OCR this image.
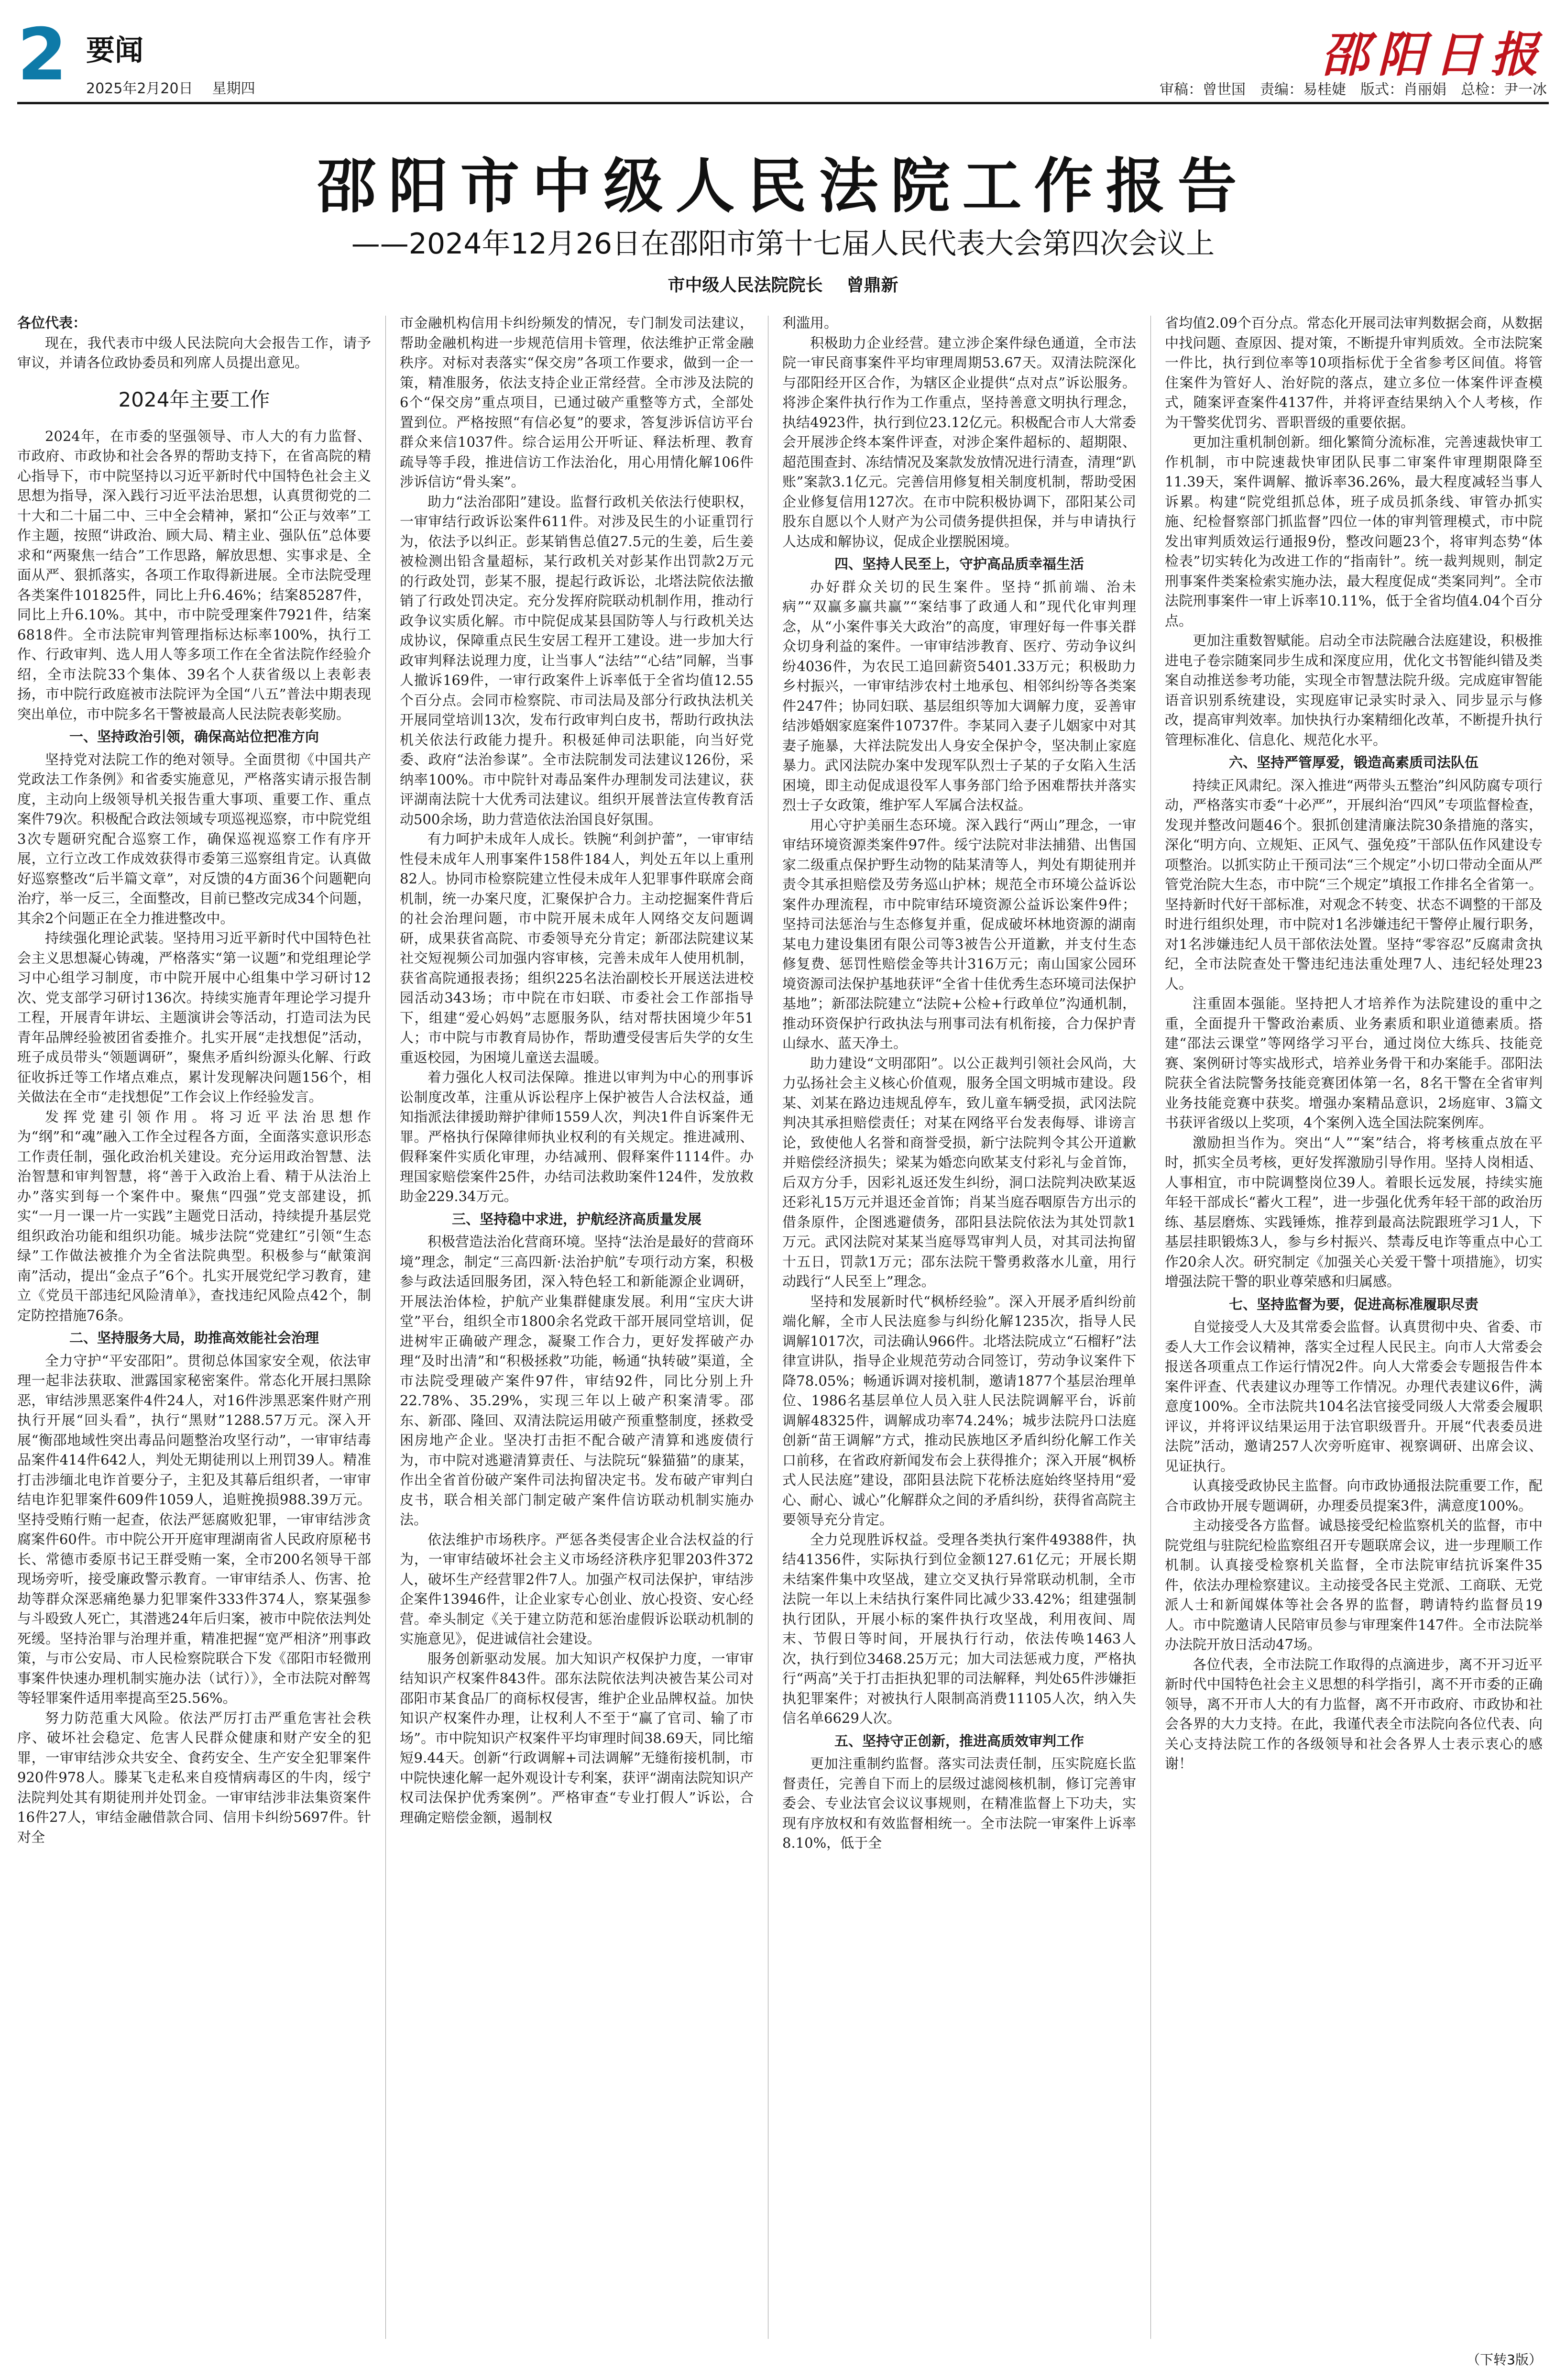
2 要闻
2025年2月20日 星期四
邵阳日报
审稿：曾世国　责编：易桂婕　版式：肖丽娟　总检：尹一冰
邵阳市中级人民法院工作报告
——2024年12月26日在邵阳市第十七届人民代表大会第四次会议上
市中级人民法院院长 曾鼎新

各位代表：

现在，我代表市中级人民法院向大会报告工作，请予审议，并请各位政协委员和列席人员提出意见。

2024年主要工作

2024年，在市委的坚强领导、市人大的有力监督、市政府、市政协和社会各界的帮助支持下，在省高院的精心指导下，市中院坚持以习近平新时代中国特色社会主义思想为指导，深入践行习近平法治思想，认真贯彻党的二十大和二十届二中、三中全会精神，紧扣“公正与效率”工作主题，按照“讲政治、顾大局、精主业、强队伍”总体要求和“两聚焦一结合”工作思路，解放思想、实事求是、全面从严、狠抓落实，各项工作取得新进展。全市法院受理各类案件101825件，同比上升6.46%；结案85287件，同比上升6.10%。其中，市中院受理案件7921件，结案6818件。全市法院审判管理指标达标率100%，执行工作、行政审判、选人用人等多项工作在全省法院作经验介绍，全市法院33个集体、39名个人获省级以上表彰表扬，市中院行政庭被市法院评为全国“八五”普法中期表现突出单位，市中院多名干警被最高人民法院表彰奖励。

一、坚持政治引领，确保高站位把准方向

坚持党对法院工作的绝对领导。全面贯彻《中国共产党政法工作条例》和省委实施意见，严格落实请示报告制度，主动向上级领导机关报告重大事项、重要工作、重点案件79次。积极配合政法领域专项巡视巡察，市中院党组3次专题研究配合巡察工作，确保巡视巡察工作有序开展，立行立改工作成效获得市委第三巡察组肯定。认真做好巡察整改“后半篇文章”，对反馈的4方面36个问题靶向治疗，举一反三，全面整改，目前已整改完成34个问题，其余2个问题正在全力推进整改中。

持续强化理论武装。坚持用习近平新时代中国特色社会主义思想凝心铸魂，严格落实“第一议题”和党组理论学习中心组学习制度，市中院开展中心组集中学习研讨12次、党支部学习研讨136次。持续实施青年理论学习提升工程，开展青年讲坛、主题演讲会等活动，打造司法为民青年品牌经验被团省委推介。扎实开展“走找想促”活动，班子成员带头“领题调研”，聚焦矛盾纠纷源头化解、行政征收拆迁等工作堵点难点，累计发现解决问题156个，相关做法在全市“走找想促”工作会议上作经验发言。

发挥党建引领作用。将习近平法治思想作为“纲”和“魂”融入工作全过程各方面，全面落实意识形态工作责任制，强化政治机关建设。充分运用政治智慧、法治智慧和审判智慧，将“善于入政治上看、精于从法治上办”落实到每一个案件中。聚焦“四强”党支部建设，抓实“一月一课一片一实践”主题党日活动，持续提升基层党组织政治功能和组织功能。城步法院“党建红”引领“生态绿”工作做法被推介为全省法院典型。积极参与“献策润南”活动，提出“金点子”6个。扎实开展党纪学习教育，建立《党员干部违纪风险清单》，查找违纪风险点42个，制定防控措施76条。

二、坚持服务大局，助推高效能社会治理

全力守护“平安邵阳”。贯彻总体国家安全观，依法审理一起非法获取、泄露国家秘密案件。常态化开展扫黑除恶，审结涉黑恶案件4件24人，对16件涉黑恶案件财产刑执行开展“回头看”，执行“黑财”1288.57万元。深入开展“衡邵地域性突出毒品问题整治攻坚行动”，一审审结毒品案件414件642人，判处无期徒刑以上刑罚39人。精准打击涉缅北电诈首要分子，主犯及其幕后组织者，一审审结电诈犯罪案件609件1059人，追赃挽损988.39万元。坚持受贿行贿一起查，依法严惩腐败犯罪，一审审结涉贪腐案件60件。市中院公开开庭审理湖南省人民政府原秘书长、常德市委原书记王群受贿一案，全市200名领导干部现场旁听，接受廉政警示教育。一审审结杀人、伤害、抢劫等群众深恶痛绝暴力犯罪案件333件374人，察某强参与斗殴致人死亡，其潜逃24年后归案，被市中院依法判处死缓。坚持治罪与治理并重，精准把握“宽严相济”刑事政策，与市公安局、市人民检察院联合下发《邵阳市轻微刑事案件快速办理机制实施办法（试行）》，全市法院对醉驾等轻罪案件适用率提高至25.56%。

努力防范重大风险。依法严厉打击严重危害社会秩序、破坏社会稳定、危害人民群众健康和财产安全的犯罪，一审审结涉众共安全、食药安全、生产安全犯罪案件920件978人。滕某飞走私来自疫情病毒区的牛肉，绥宁法院判处其有期徒刑并处罚金。一审审结涉非法集资案件16件27人，审结金融借款合同、信用卡纠纷5697件。针对全

市金融机构信用卡纠纷频发的情况，专门制发司法建议，帮助金融机构进一步规范信用卡管理，依法维护正常金融秩序。对标对表落实“保交房”各项工作要求，做到一企一策，精准服务，依法支持企业正常经营。全市涉及法院的6个“保交房”重点项目，已通过破产重整等方式，全部处置到位。严格按照“有信必复”的要求，答复涉诉信访平台群众来信1037件。综合运用公开听证、释法析理、教育疏导等手段，推进信访工作法治化，用心用情化解106件涉诉信访“骨头案”。

助力“法治邵阳”建设。监督行政机关依法行使职权，一审审结行政诉讼案件611件。对涉及民生的小证重罚行为，依法予以纠正。彭某销售总值27.5元的生姜，后生姜被检测出铅含量超标，某行政机关对彭某作出罚款2万元的行政处罚，彭某不服，提起行政诉讼，北塔法院依法撤销了行政处罚决定。充分发挥府院联动机制作用，推动行政争议实质化解。市中院促成某县国防等人与行政机关达成协议，保障重点民生安居工程开工建设。进一步加大行政审判释法说理力度，让当事人“法结”“心结”同解，当事人撤诉169件，一审行政案件上诉率低于全省均值12.55个百分点。会同市检察院、市司法局及部分行政执法机关开展同堂培训13次，发布行政审判白皮书，帮助行政执法机关依法行政能力提升。积极延伸司法职能，向当好党委、政府“法治参谋”。全市法院制发司法建议126份，采纳率100%。市中院针对毒品案件办理制发司法建议，获评湖南法院十大优秀司法建议。组织开展普法宣传教育活动500余场，助力营造依法治国良好氛围。

有力呵护未成年人成长。铁腕“利剑护蕾”，一审审结性侵未成年人刑事案件158件184人，判处五年以上重刑82人。协同市检察院建立性侵未成年人犯罪事件联席会商机制，统一办案尺度，汇聚保护合力。主动挖掘案件背后的社会治理问题，市中院开展未成年人网络交友问题调研，成果获省高院、市委领导充分肯定；新邵法院建议某社交短视频公司加强内容审核，完善未成年人使用机制，获省高院通报表扬；组织225名法治副校长开展送法进校园活动343场；市中院在市妇联、市委社会工作部指导下，组建“爱心妈妈”志愿服务队，结对帮扶困境少年51人；市中院与市教育局协作，帮助遭受侵害后失学的女生重返校园，为困境儿童送去温暖。

着力强化人权司法保障。推进以审判为中心的刑事诉讼制度改革，注重从诉讼程序上保护被告人合法权益，通知指派法律援助辩护律师1559人次，判决1件自诉案件无罪。严格执行保障律师执业权利的有关规定。推进减刑、假释案件实质化审理，办结减刑、假释案件1114件。办理国家赔偿案件25件，办结司法救助案件124件，发放救助金229.34万元。

三、坚持稳中求进，护航经济高质量发展

积极营造法治化营商环境。坚持“法治是最好的营商环境”理念，制定“三高四新·法治护航”专项行动方案，积极参与政法适回服务团，深入特色轻工和新能源企业调研，开展法治体检，护航产业集群健康发展。利用“宝庆大讲堂”平台，组织全市1800余名党政干部开展同堂培训，促进树牢正确破产理念，凝聚工作合力，更好发挥破产办理“及时出清”和“积极拯救”功能，畅通“执转破”渠道，全市法院受理破产案件97件，审结92件，同比分别上升22.78%、35.29%，实现三年以上破产积案清零。邵东、新邵、隆回、双清法院运用破产预重整制度，拯救受困房地产企业。坚决打击拒不配合破产清算和逃废债行为，市中院对逃避清算责任、与法院玩“躲猫猫”的康某，作出全省首份破产案件司法拘留决定书。发布破产审判白皮书，联合相关部门制定破产案件信访联动机制实施办法。

依法维护市场秩序。严惩各类侵害企业合法权益的行为，一审审结破坏社会主义市场经济秩序犯罪203件372人，破坏生产经营罪2件7人。加强产权司法保护，审结涉企案件13946件，让企业家专心创业、放心投资、安心经营。牵头制定《关于建立防范和惩治虚假诉讼联动机制的实施意见》，促进诚信社会建设。

服务创新驱动发展。加大知识产权保护力度，一审审结知识产权案件843件。邵东法院依法判决被告某公司对邵阳市某食品厂的商标权侵害，维护企业品牌权益。加快知识产权案件办理，让权利人不至于“赢了官司、输了市场”。市中院知识产权案件平均审理时间38.69天，同比缩短9.44天。创新“行政调解+司法调解”无缝衔接机制，市中院快速化解一起外观设计专利案，获评“湖南法院知识产权司法保护优秀案例”。严格审查“专业打假人”诉讼，合理确定赔偿金额，遏制权

利滥用。

积极助力企业经营。建立涉企案件绿色通道，全市法院一审民商事案件平均审理周期53.67天。双清法院深化与邵阳经开区合作，为辖区企业提供“点对点”诉讼服务。将涉企案件执行作为工作重点，坚持善意文明执行理念，执结4923件，执行到位23.12亿元。积极配合市人大常委会开展涉企终本案件评查，对涉企案件超标的、超期限、超范围查封、冻结情况及案款发放情况进行清查，清理“趴账”案款3.1亿元。完善信用修复相关制度机制，帮助受困企业修复信用127次。在市中院积极协调下，邵阳某公司股东自愿以个人财产为公司债务提供担保，并与申请执行人达成和解协议，促成企业摆脱困境。

四、坚持人民至上，守护高品质幸福生活

办好群众关切的民生案件。坚持“抓前端、治未病”“双赢多赢共赢”“案结事了政通人和”现代化审判理念，从“小案件事关大政治”的高度，审理好每一件事关群众切身利益的案件。一审审结涉教育、医疗、劳动争议纠纷4036件，为农民工追回薪资5401.33万元；积极助力乡村振兴，一审审结涉农村土地承包、相邻纠纷等各类案件247件；协同妇联、基层组织等加大调解力度，妥善审结涉婚姻家庭案件10737件。李某同入妻子儿姻家中对其妻子施暴，大祥法院发出人身安全保护令，坚决制止家庭暴力。武冈法院办案中发现军队烈士子某的子女陷入生活困境，即主动促成退役军人事务部门给予困难帮扶并落实烈士子女政策，维护军人军属合法权益。

用心守护美丽生态环境。深入践行“两山”理念，一审审结环境资源类案件97件。绥宁法院对非法捕猎、出售国家二级重点保护野生动物的陆某清等人，判处有期徒刑并责令其承担赔偿及劳务巡山护林；规范全市环境公益诉讼案件办理流程，市中院审结环境资源公益诉讼案件9件；坚持司法惩治与生态修复并重，促成破坏林地资源的湖南某电力建设集团有限公司等3被告公开道歉，并支付生态修复费、惩罚性赔偿金等共计316万元；南山国家公园环境资源司法保护基地获评“全省十佳优秀生态环境司法保护基地”；新邵法院建立“法院+公检+行政单位”沟通机制，推动环资保护行政执法与刑事司法有机衔接，合力保护青山绿水、蓝天净土。

助力建设“文明邵阳”。以公正裁判引领社会风尚，大力弘扬社会主义核心价值观，服务全国文明城市建设。段某、刘某在路边违规乱停车，致儿童车辆受损，武冈法院判决其承担赔偿责任；对某在网络平台发表侮辱、诽谤言论，致使他人名誉和商誉受损，新宁法院判令其公开道歉并赔偿经济损失；梁某为婚恋向欧某支付彩礼与金首饰，后双方分手，因彩礼返还发生纠纷，洞口法院判决欧某返还彩礼15万元并退还金首饰；肖某当庭吞咽原告方出示的借条原件，企图逃避债务，邵阳县法院依法为其处罚款1万元。武冈法院对某某当庭辱骂审判人员，对其司法拘留十五日，罚款1万元；邵东法院干警勇救落水儿童，用行动践行“人民至上”理念。

坚持和发展新时代“枫桥经验”。深入开展矛盾纠纷前端化解，全市人民法庭参与纠纷化解1235次，指导人民调解1017次，司法确认966件。北塔法院成立“石榴籽”法律宣讲队，指导企业规范劳动合同签订，劳动争议案件下降78.05%；畅通诉调对接机制，邀请1877个基层治理单位、1986名基层单位人员入驻人民法院调解平台，诉前调解48325件，调解成功率74.24%；城步法院丹口法庭创新“苗王调解”方式，推动民族地区矛盾纠纷化解工作关口前移，在省政府新闻发布会上获得推介；深入开展“枫桥式人民法庭”建设，邵阳县法院下花桥法庭始终坚持用“爱心、耐心、诚心”化解群众之间的矛盾纠纷，获得省高院主要领导充分肯定。

全力兑现胜诉权益。受理各类执行案件49388件，执结41356件，实际执行到位金额127.61亿元；开展长期未结案件集中攻坚战，建立交叉执行异常联动机制，全市法院一年以上未结执行案件同比减少33.42%；组建强制执行团队，开展小标的案件执行攻坚战，利用夜间、周末、节假日等时间，开展执行行动，依法传唤1463人次，执行到位3468.25万元；加大司法惩戒力度，严格执行“两高”关于打击拒执犯罪的司法解释，判处65件涉嫌拒执犯罪案件；对被执行人限制高消费11105人次，纳入失信名单6629人次。

五、坚持守正创新，推进高质效审判工作

更加注重制约监督。落实司法责任制，压实院庭长监督责任，完善自下而上的层级过滤阅核机制，修订完善审委会、专业法官会议议事规则，在精准监督上下功夫，实现有序放权和有效监督相统一。全市法院一审案件上诉率8.10%，低于全

省均值2.09个百分点。常态化开展司法审判数据会商，从数据中找问题、查原因、提对策，不断提升审判质效。全市法院案一件比，执行到位率等10项指标优于全省参考区间值。将管住案件为管好人、治好院的落点，建立多位一体案件评查模式，随案评查案件4137件，并将评查结果纳入个人考核，作为干警奖优罚劣、晋职晋级的重要依据。

更加注重机制创新。细化繁简分流标准，完善速裁快审工作机制，市中院速裁快审团队民事二审案件审理期限降至11.39天，案件调解、撤诉率36.26%，最大程度减轻当事人诉累。构建“院党组抓总体，班子成员抓条线、审管办抓实施、纪检督察部门抓监督”四位一体的审判管理模式，市中院发出审判质效运行通报9份，整改问题23个，将审判态势“体检表”切实转化为改进工作的“指南针”。统一裁判规则，制定刑事案件类案检索实施办法，最大程度促成“类案同判”。全市法院刑事案件一审上诉率10.11%，低于全省均值4.04个百分点。

更加注重数智赋能。启动全市法院融合法庭建设，积极推进电子卷宗随案同步生成和深度应用，优化文书智能纠错及类案自动推送参考功能，实现全市智慧法院升级。完成庭审智能语音识别系统建设，实现庭审记录实时录入、同步显示与修改，提高审判效率。加快执行办案精细化改革，不断提升执行管理标准化、信息化、规范化水平。

六、坚持严管厚爱，锻造高素质司法队伍

持续正风肃纪。深入推进“两带头五整治”纠风防腐专项行动，严格落实市委“十必严”，开展纠治“四风”专项监督检查，发现并整改问题46个。狠抓创建清廉法院30条措施的落实，深化“明方向、立规矩、正风气、强免疫”干部队伍作风建设专项整治。以抓实防止干预司法“三个规定”小切口带动全面从严管党治院大生态，市中院“三个规定”填报工作排名全省第一。坚持新时代好干部标准，对观念不转变、状态不调整的干部及时进行组织处理，市中院对1名涉嫌违纪干警停止履行职务，对1名涉嫌违纪人员干部依法处置。坚持“零容忍”反腐肃贪执纪，全市法院查处干警违纪违法重处理7人、违纪轻处理23人。

注重固本强能。坚持把人才培养作为法院建设的重中之重，全面提升干警政治素质、业务素质和职业道德素质。搭建“邵法云课堂”等网络学习平台，通过岗位大练兵、技能竞赛、案例研讨等实战形式，培养业务骨干和办案能手。邵阳法院获全省法院警务技能竞赛团体第一名，8名干警在全省审判业务技能竞赛中获奖。增强办案精品意识，2场庭审、3篇文书获评省级以上奖项，4个案例入选全国法院案例库。

激励担当作为。突出“人”“案”结合，将考核重点放在平时，抓实全员考核，更好发挥激励引导作用。坚持人岗相适、人事相宜，市中院调整岗位39人。着眼长远发展，持续实施年轻干部成长“蓄火工程”，进一步强化优秀年轻干部的政治历练、基层磨炼、实践锤炼，推荐到最高法院跟班学习1人，下基层挂职锻炼3人，参与乡村振兴、禁毒反电诈等重点中心工作20余人次。研究制定《加强关心关爱干警十项措施》，切实增强法院干警的职业尊荣感和归属感。

七、坚持监督为要，促进高标准履职尽责

自觉接受人大及其常委会监督。认真贯彻中央、省委、市委人大工作会议精神，落实全过程人民民主。向市人大常委会报送各项重点工作运行情况2件。向人大常委会专题报告件本案件评查、代表建议办理等工作情况。办理代表建议6件，满意度100%。全市法院共104名法官接受同级人大常委会履职评议，并将评议结果运用于法官职级晋升。开展“代表委员进法院”活动，邀请257人次旁听庭审、视察调研、出席会议、见证执行。

认真接受政协民主监督。向市政协通报法院重要工作，配合市政协开展专题调研，办理委员提案3件，满意度100%。

主动接受各方监督。诚恳接受纪检监察机关的监督，市中院党组与驻院纪检监察组召开专题联席会议，进一步理顺工作机制。认真接受检察机关监督，全市法院审结抗诉案件35件，依法办理检察建议。主动接受各民主党派、工商联、无党派人士和新闻媒体等社会各界的监督，聘请特约监督员19人。市中院邀请人民陪审员参与审理案件147件。全市法院举办法院开放日活动47场。

各位代表，全市法院工作取得的点滴进步，离不开习近平新时代中国特色社会主义思想的科学指引，离不开市委的正确领导，离不开市人大的有力监督，离不开市政府、市政协和社会各界的大力支持。在此，我谨代表全市法院向各位代表、向关心支持法院工作的各级领导和社会各界人士表示衷心的感谢！

（下转3版）
